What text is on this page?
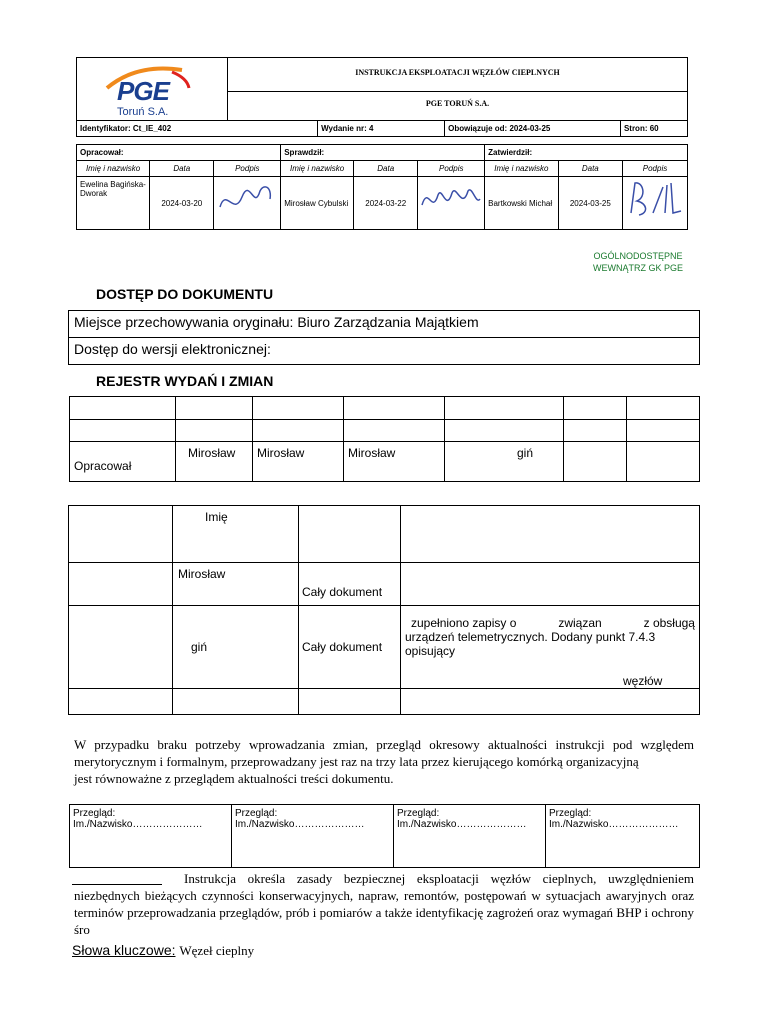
PGE
Toruń S.A.	INSTRUKCJA EKSPLOATACJI WĘZŁÓW CIEPLNYCH			
	PGE TORUŃ S.A.			
Identyfikator: Ct_IE_402		Wydanie nr: 4	Obowiązuje od: 2024-03-25	Stron: 60
Opracował:			Sprawdził:			Zatwierdził:		
Imię i nazwisko	Data	Podpis	Imię i nazwisko	Data	Podpis	Imię i nazwisko	Data	Podpis
Ewelina Bagińska-Dworak	2024-03-20		Mirosław Cybulski	2024-03-22		Bartkowski Michał	2024-03-25	
OGÓLNODOSTĘPNE
WEWNĄTRZ GK PGE
DOSTĘP DO DOKUMENTU
Miejsce przechowywania oryginału: Biuro Zarządzania Majątkiem
Dostęp do wersji elektronicznej:
REJESTR WYDAŃ I ZMIAN

Opracował	Mirosław	Mirosław	Mirosław	giń		
	Imię		
	Mirosław	Cały dokument	
	giń	Cały dokument	zupełniono zapisy o związan z obsługą
urządzeń telemetrycznych. Dodany punkt 7.4.3 opisujący
węzłów

W przypadku braku potrzeby wprowadzania zmian, przegląd okresowy aktualności instrukcji pod względem merytorycznym i formalnym, przeprowadzany jest raz na trzy lata przez kierującego komórką organizacyjną
jest równoważne z przeglądem aktualności treści dokumentu.
Przegląd:
Im./Nazwisko…………………

Przegląd:
Im./Nazwisko…………………

Przegląd:
Im./Nazwisko…………………

Przegląd:
Im./Nazwisko…………………
Instrukcja określa zasady bezpiecznej eksploatacji węzłów cieplnych, uwzględnieniem niezbędnych bieżących czynności konserwacyjnych, napraw, remontów, postępowań w sytuacjach awaryjnych oraz terminów przeprowadzania przeglądów, prób i pomiarów a także identyfikację zagrożeń oraz wymagań BHP i ochrony śro
Słowa kluczowe: Węzeł cieplny
